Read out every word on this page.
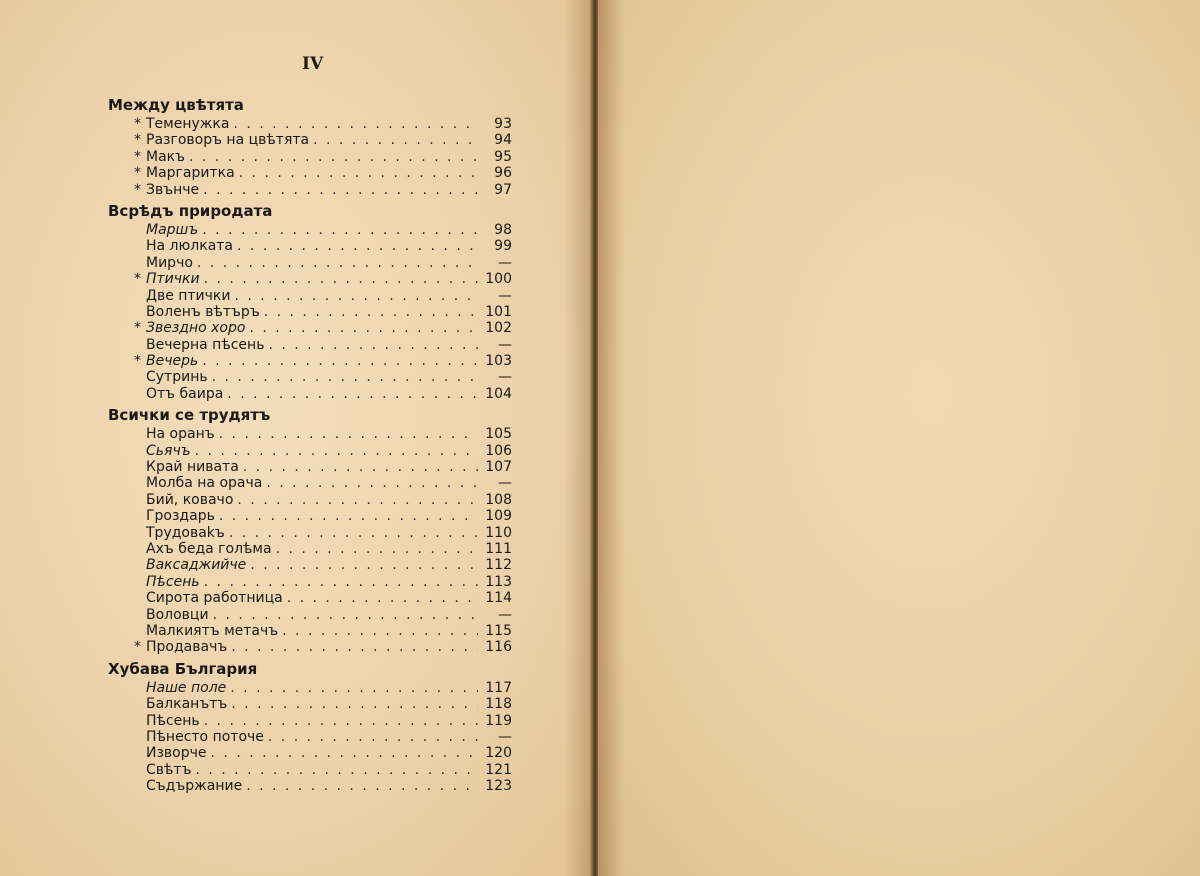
IV
Между цвѣтята
* Теменужка . . .	93
* Разговоръ на цвѣтята . . .	94
* Макъ . . .	95
* Маргаритка . . .	96
* Звънче . . .	97
Всрѣдъ природата
Маршъ . . .	98
На люлката . . .	99
Мирчо . . .	—
* Птички . . .	100
Две птички . . .	—
Воленъ вѣтъръ . . .	101
* Звездно хоро . . .	102
Вечерна пѣсень . . .	—
* Вечерь . . .	103
Сутринь . . .	—
Отъ баира . . .	104
Всички се трудятъ
На оранъ . . .	105
Сьячъ . . .	106
Край нивата . . .	107
Молба на орача . . .	—
Бий, ковачо . . .	108
Гроздарь . . .	109
Трудоваkъ . . .	110
Ахъ беда голѣма . . .	111
Ваксаджийче . . .	112
Пѣсень . . .	113
Сирота работница . . .	114
Воловци . . .	—
Малкиятъ метачъ . . .	115
* Продавачъ . . .	116
Хубава България
Наше поле . . .	117
Балканътъ . . .	118
Пѣсень . . .	119
Пѣнесто поточе . . .	—
Изворче . . .	120
Свѣтъ . . .	121
Съдържание . . .	123
